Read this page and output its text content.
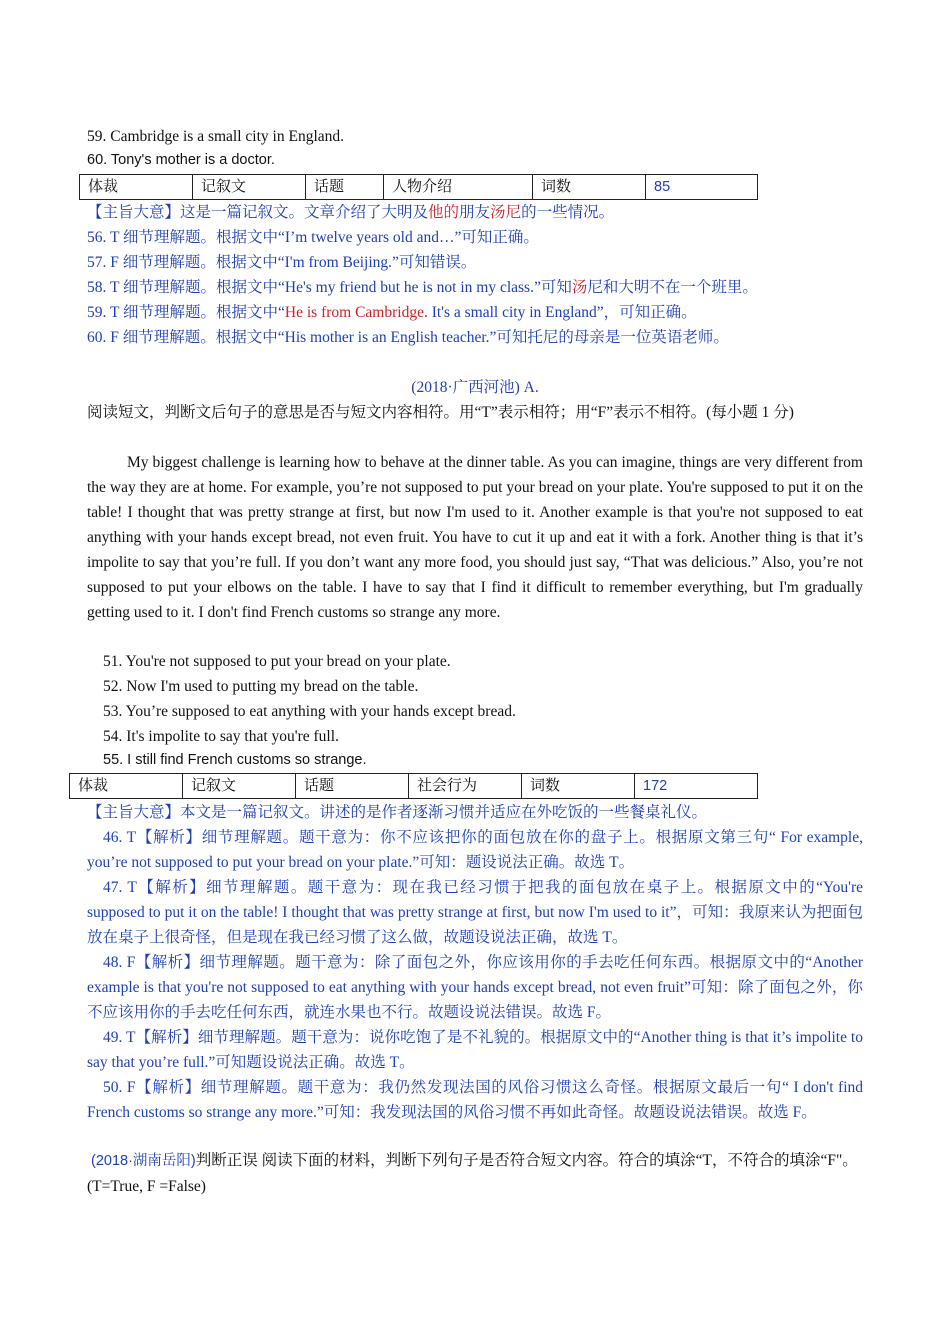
59. Cambridge is a small city in England.
60. Tony's mother is a doctor.
体裁	记叙文	话题	人物介绍	词数	85
【主旨大意】这是一篇记叙文。文章介绍了大明及他的朋友汤尼的一些情况。
56. T 细节理解题。根据文中“I’m twelve years old and…”可知正确。
57. F 细节理解题。根据文中“I'm from Beijing.”可知错误。
58. T 细节理解题。根据文中“He's my friend but he is not in my class.”可知汤尼和大明不在一个班里。
59. T 细节理解题。根据文中“He is from Cambridge. It's a small city in England”，可知正确。
60. F 细节理解题。根据文中“His mother is an English teacher.”可知托尼的母亲是一位英语老师。
(2018·广西河池) A.
阅读短文，判断文后句子的意思是否与短文内容相符。用“T”表示相符；用“F”表示不相符。(每小题 1 分)
My biggest challenge is learning how to behave at the dinner table. As you can imagine, things are very different from the way they are at home. For example, you’re not supposed to put your bread on your plate. You're supposed to put it on the table! I thought that was pretty strange at first, but now I'm used to it. Another example is that you're not supposed to eat anything with your hands except bread, not even fruit. You have to cut it up and eat it with a fork. Another thing is that it’s impolite to say that you’re full. If you don’t want any more food, you should just say, “That was delicious.” Also, you’re not supposed to put your elbows on the table. I have to say that I find it difficult to remember everything, but I'm gradually getting used to it. I don't find French customs so strange any more.
51. You're not supposed to put your bread on your plate.
52. Now I'm used to putting my bread on the table.
53. You’re supposed to eat anything with your hands except bread.
54. It's impolite to say that you're full.
55. I still find French customs so strange.
体裁	记叙文	话题	社会行为	词数	172
【主旨大意】本文是一篇记叙文。讲述的是作者逐渐习惯并适应在外吃饭的一些餐桌礼仪。
46. T【解析】细节理解题。题干意为：你不应该把你的面包放在你的盘子上。根据原文第三句“ For example, you’re not supposed to put your bread on your plate.”可知：题设说法正确。故选 T。
47. T【解析】细节理解题。题干意为：现在我已经习惯于把我的面包放在桌子上。根据原文中的“You're supposed to put it on the table! I thought that was pretty strange at first, but now I'm used to it”，可知：我原来认为把面包放在桌子上很奇怪，但是现在我已经习惯了这么做，故题设说法正确，故选 T。
48. F【解析】细节理解题。题干意为：除了面包之外，你应该用你的手去吃任何东西。根据原文中的“Another example is that you're not supposed to eat anything with your hands except bread, not even fruit”可知：除了面包之外，你不应该用你的手去吃任何东西，就连水果也不行。故题设说法错误。故选 F。
49. T【解析】细节理解题。题干意为：说你吃饱了是不礼貌的。根据原文中的“Another thing is that it’s impolite to say that you’re full.”可知题设说法正确。故选 T。
50. F【解析】细节理解题。题干意为：我仍然发现法国的风俗习惯这么奇怪。根据原文最后一句“ I don't find French customs so strange any more.”可知：我发现法国的风俗习惯不再如此奇怪。故题设说法错误。故选 F。
(2018·湖南岳阳)判断正误 阅读下面的材料，判断下列句子是否符合短文内容。符合的填涂“T，不符合的填涂“F"。 (T=True, F =False)
